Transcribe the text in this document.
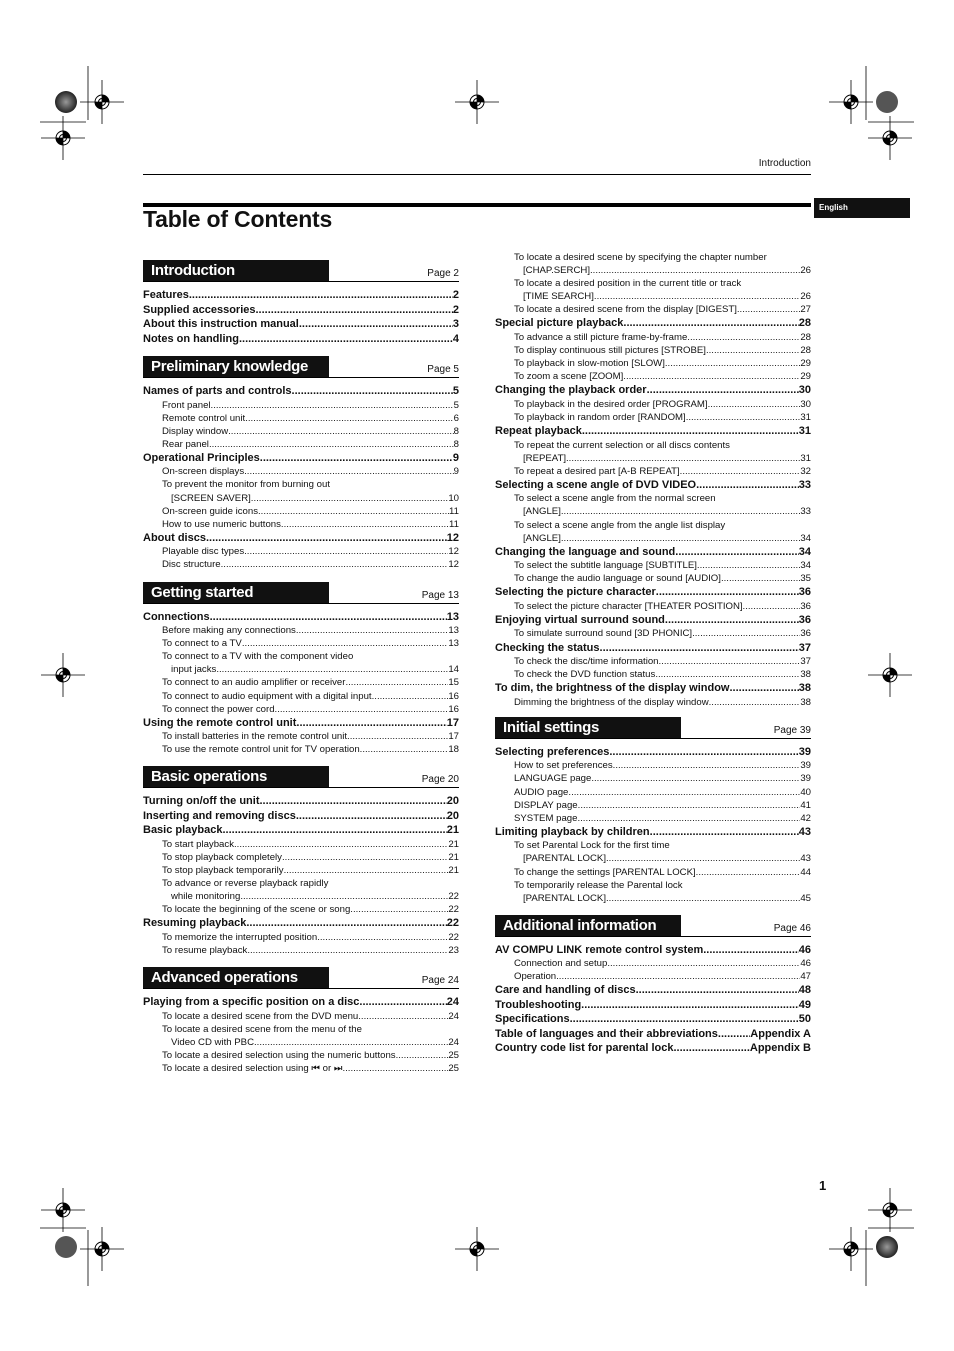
Introduction
English
Table of Contents
Introduction	Page 2
Features .....	2
Supplied accessories .....	2
About this instruction manual .....	3
Notes on handling .....	4
Preliminary knowledge	Page 5
Names of parts and controls .....	5
Front panel .....	5
Remote control unit .....	6
Display window .....	8
Rear panel .....	8
Operational Principles .....	9
On-screen displays .....	9
To prevent the monitor from burning out
[SCREEN SAVER] .....	10
On-screen guide icons .....	11
How to use numeric buttons .....	11
About discs .....	12
Playable disc types .....	12
Disc structure .....	12
Getting started	Page 13
Connections .....	13
Before making any connections .....	13
To connect to a TV .....	13
To connect to a TV with the component video
input jacks .....	14
To connect to an audio amplifier or receiver .....	15
To connect to audio equipment with a digital input .....	16
To connect the power cord .....	16
Using the remote control unit .....	17
To install batteries in the remote control unit .....	17
To use the remote control unit for TV operation .....	18
Basic operations	Page 20
Turning on/off the unit .....	20
Inserting and removing discs .....	20
Basic playback .....	21
To start playback .....	21
To stop playback completely .....	21
To stop playback temporarily .....	21
To advance or reverse playback rapidly
while monitoring .....	22
To locate the beginning of the scene or song .....	22
Resuming playback .....	22
To memorize the interrupted position .....	22
To resume playback .....	23
Advanced operations	Page 24
Playing from a specific position on a disc .....	24
To locate a desired scene from the DVD menu .....	24
To locate a desired scene from the menu of the
Video CD with PBC .....	24
To locate a desired selection using the numeric buttons .....	25
To locate a desired selection using ⏮ or ⏭ .....	25
To locate a desired scene by specifying the chapter number
[CHAP.SERCH] .....	26
To locate a desired position in the current title or track
[TIME SEARCH] .....	26
To locate a desired scene from the display [DIGEST] .....	27
Special picture playback .....	28
To advance a still picture frame-by-frame .....	28
To display continuous still pictures [STROBE] .....	28
To playback in slow-motion [SLOW] .....	29
To zoom a scene [ZOOM] .....	29
Changing the playback order .....	30
To playback in the desired order [PROGRAM] .....	30
To playback in random order [RANDOM] .....	31
Repeat playback .....	31
To repeat the current selection or all discs contents
[REPEAT] .....	31
To repeat a desired part [A-B REPEAT] .....	32
Selecting a scene angle of DVD VIDEO .....	33
To select a scene angle from the normal screen
[ANGLE] .....	33
To select a scene angle from the angle list display
[ANGLE] .....	34
Changing the language and sound .....	34
To select the subtitle language [SUBTITLE] .....	34
To change the audio language or sound [AUDIO] .....	35
Selecting the picture character .....	36
To select the picture character [THEATER POSITION] .....	36
Enjoying virtual surround sound .....	36
To simulate surround sound [3D PHONIC] .....	36
Checking the status .....	37
To check the disc/time information .....	37
To check the DVD function status .....	38
To dim, the brightness of the display window .....	38
Dimming the brightness of the display window .....	38
Initial settings	Page 39
Selecting preferences .....	39
How to set preferences .....	39
LANGUAGE page .....	39
AUDIO page .....	40
DISPLAY page .....	41
SYSTEM page .....	42
Limiting playback by children .....	43
To set Parental Lock for the first time
[PARENTAL LOCK] .....	43
To change the settings [PARENTAL LOCK] .....	44
To temporarily release the Parental lock
[PARENTAL LOCK] .....	45
Additional information	Page 46
AV COMPU LINK remote control system .....	46
Connection and setup .....	46
Operation .....	47
Care and handling of discs .....	48
Troubleshooting .....	49
Specifications .....	50
Table of languages and their abbreviations .....	Appendix A
Country code list for parental lock .....	Appendix B
1
